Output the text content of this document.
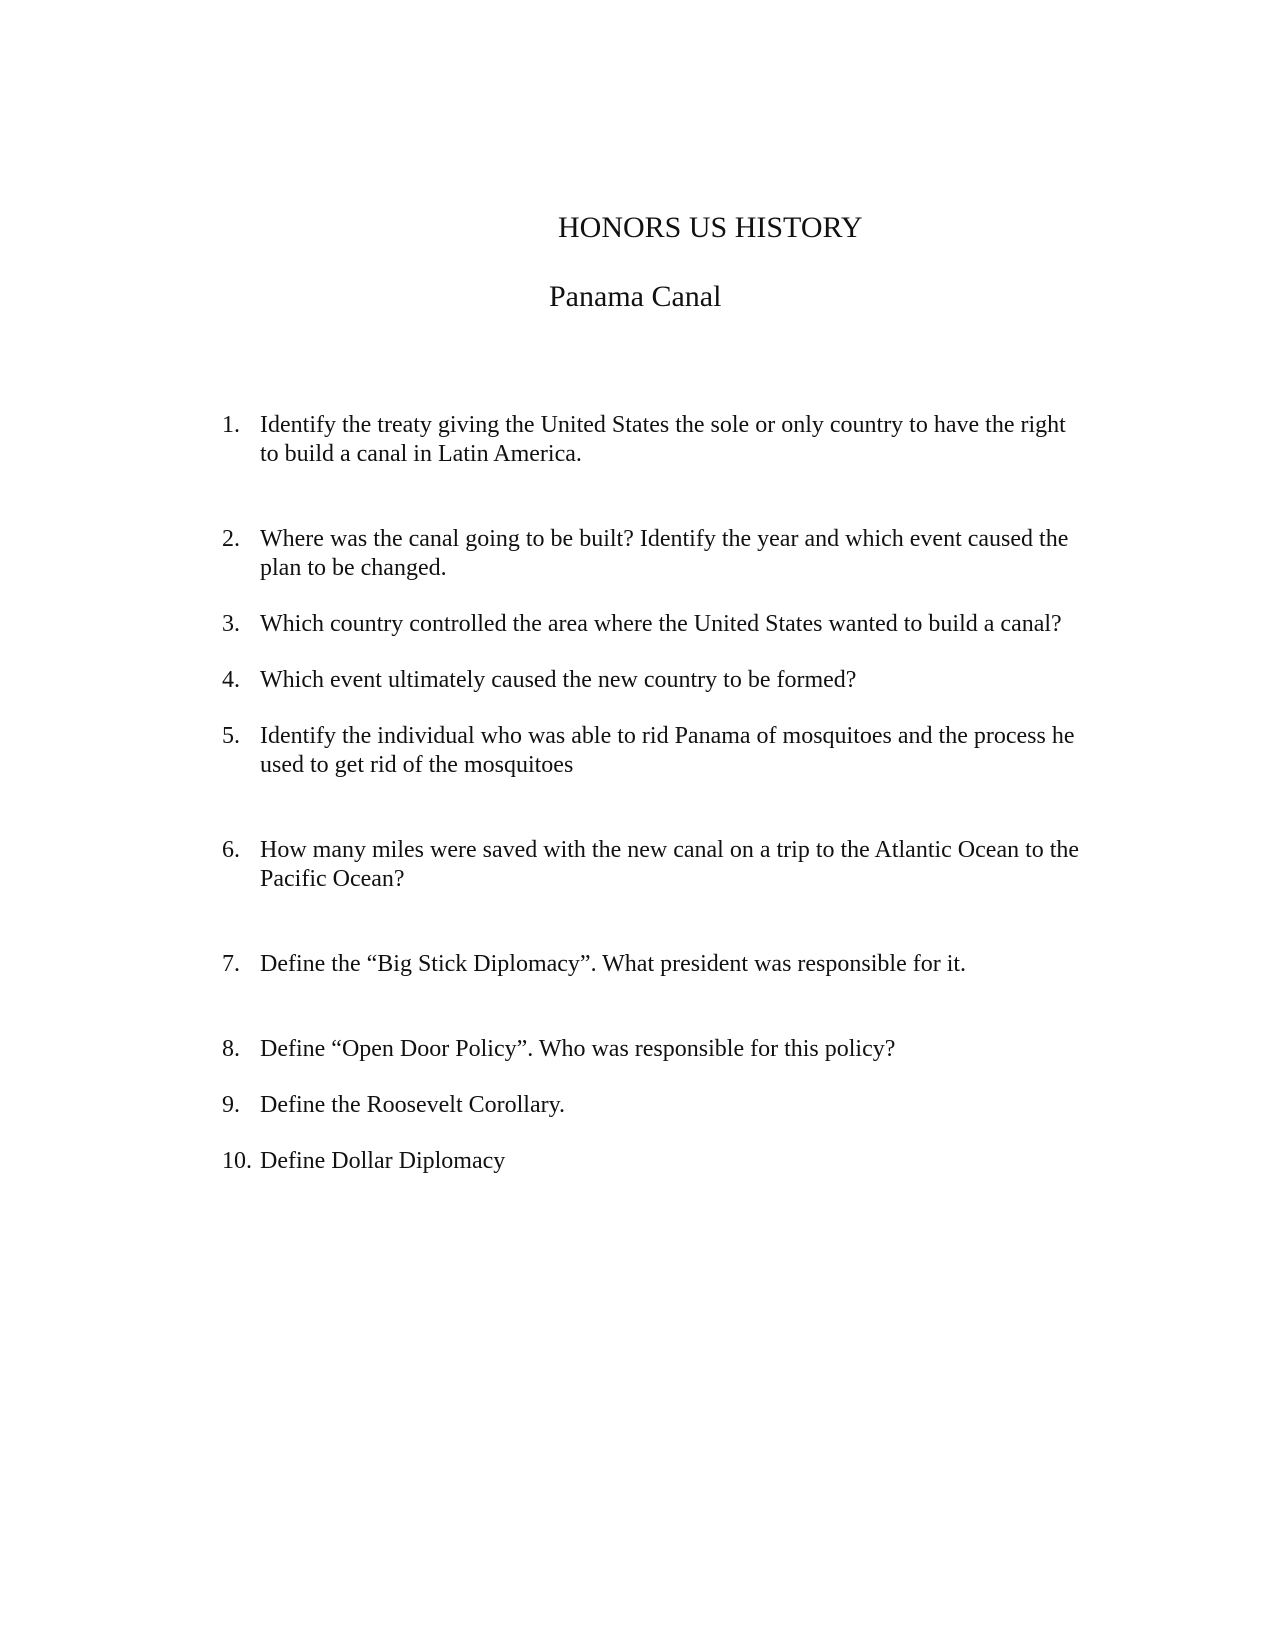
HONORS US HISTORY
Panama Canal
1. Identify the treaty giving the United States the sole or only country to have the right to build a canal in Latin America.
2. Where was the canal going to be built? Identify the year and which event caused the plan to be changed.
3. Which country controlled the area where the United States wanted to build a canal?
4. Which event ultimately caused the new country to be formed?
5. Identify the individual who was able to rid Panama of mosquitoes and the process he used to get rid of the mosquitoes
6. How many miles were saved with the new canal on a trip to the Atlantic Ocean to the Pacific Ocean?
7. Define the “Big Stick Diplomacy”. What president was responsible for it.
8. Define “Open Door Policy”. Who was responsible for this policy?
9. Define the Roosevelt Corollary.
10. Define Dollar Diplomacy
